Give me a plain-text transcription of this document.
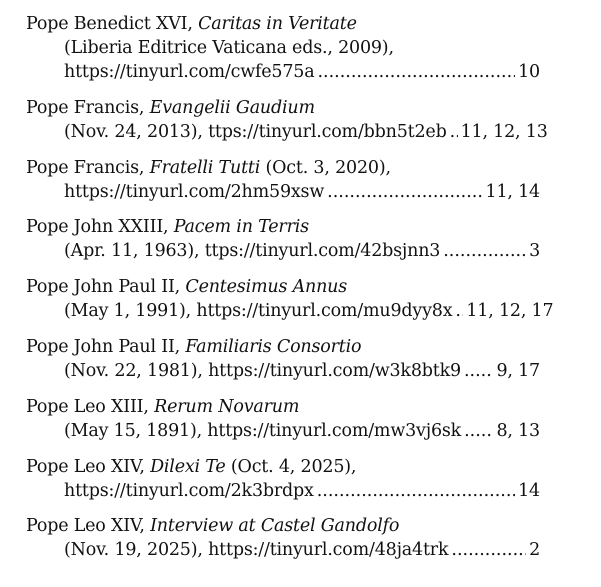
Pope Benedict XVI, Caritas in Veritate
(Liberia Editrice Vaticana eds., 2009),
https://tinyurl.com/cwfe575a .....	10
Pope Francis, Evangelii Gaudium
(Nov. 24, 2013), ttps://tinyurl.com/bbn5t2eb ..... 11, 12, 13
Pope Francis, Fratelli Tutti (Oct. 3, 2020),
https://tinyurl.com/2hm59xsw .....	11, 14
Pope John XXIII, Pacem in Terris
(Apr. 11, 1963), ttps://tinyurl.com/42bsjnn3 .....	3
Pope John Paul II, Centesimus Annus
(May 1, 1991), https://tinyurl.com/mu9dyy8x ..... 11, 12, 17
Pope John Paul II, Familiaris Consortio
(Nov. 22, 1981), https://tinyurl.com/w3k8btk9 ..... 9, 17
Pope Leo XIII, Rerum Novarum
(May 15, 1891), https://tinyurl.com/mw3vj6sk ..... 8, 13
Pope Leo XIV, Dilexi Te (Oct. 4, 2025),
https://tinyurl.com/2k3brdpx .....	14
Pope Leo XIV, Interview at Castel Gandolfo
(Nov. 19, 2025), https://tinyurl.com/48ja4trk .....	2
